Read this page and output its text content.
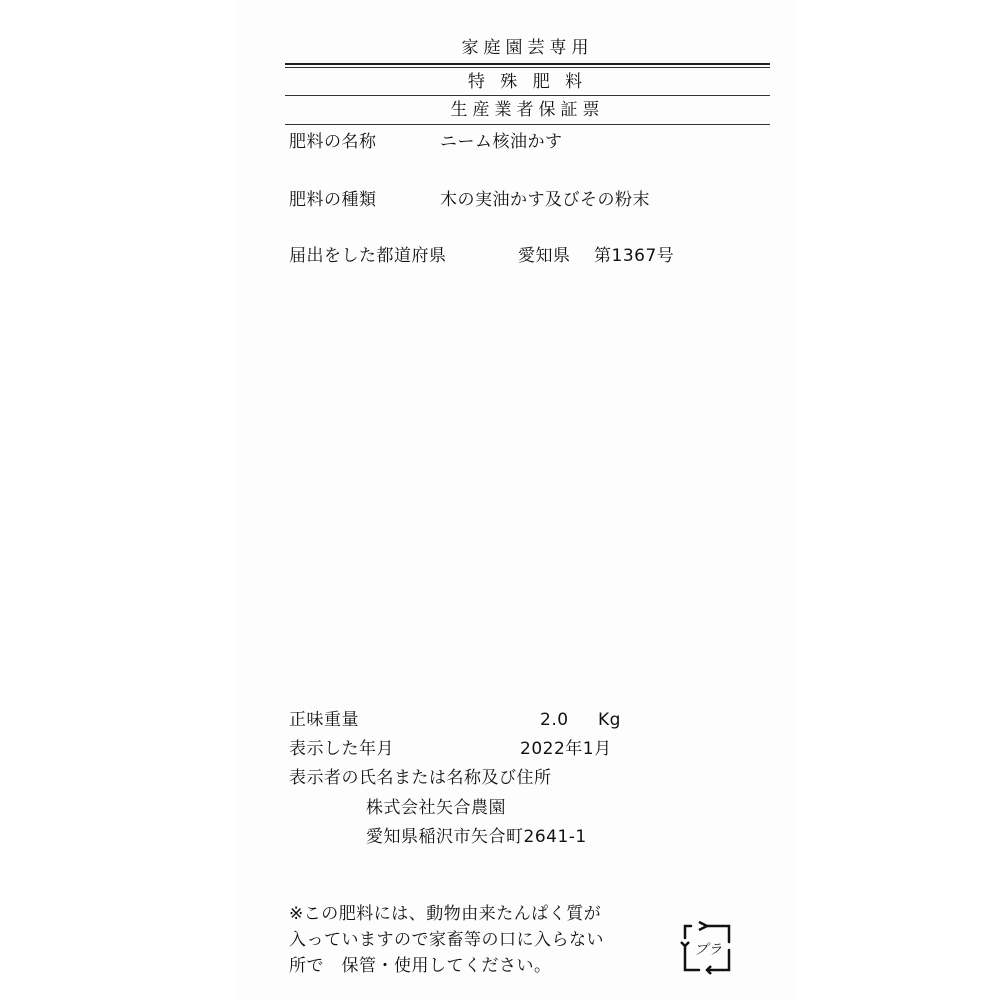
家庭園芸専用
特 殊 肥 料
生産業者保証票
肥料の名称	ニーム核油かす
肥料の種類	木の実油かす及びその粉末
届出をした都道府県	愛知県 第1367号
正味重量	2.0 Kg
表示した年月	2022年1月
表示者の氏名または名称及び住所
株式会社矢合農園
愛知県稲沢市矢合町2641-1
※この肥料には、動物由来たんぱく質が
入っていますので家畜等の口に入らない
所で　保管・使用してください。
プラ
